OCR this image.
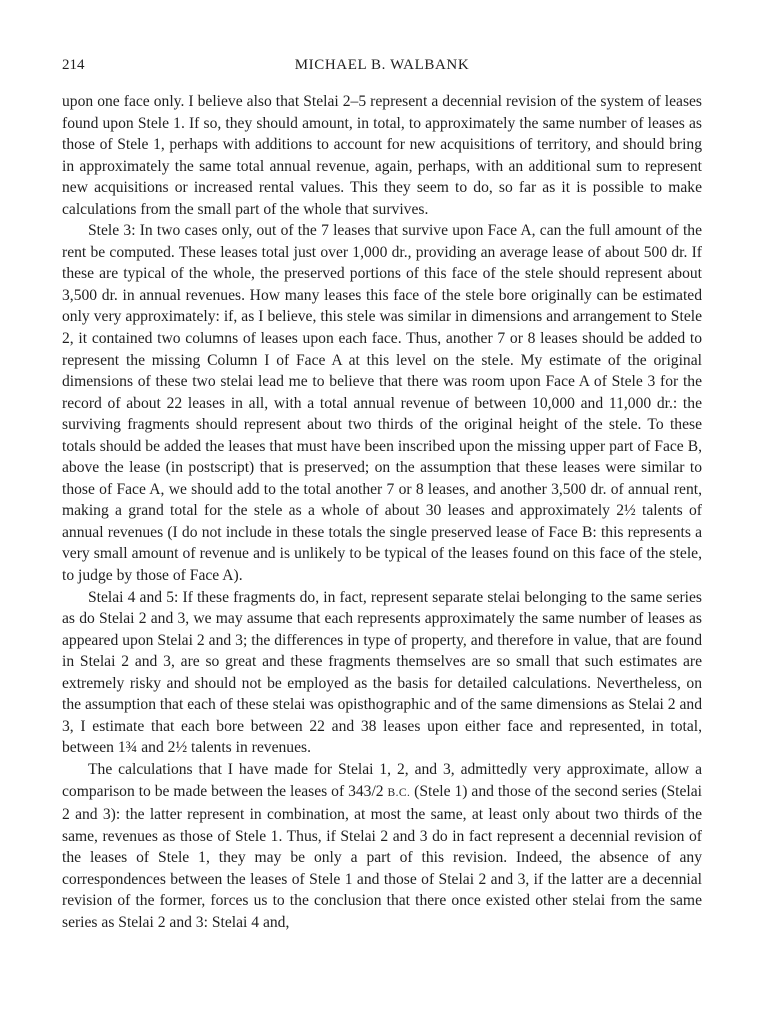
214	MICHAEL B. WALBANK

upon one face only. I believe also that Stelai 2–5 represent a decennial revision of the system of leases found upon Stele 1. If so, they should amount, in total, to approximately the same number of leases as those of Stele 1, perhaps with additions to account for new acquisitions of territory, and should bring in approximately the same total annual revenue, again, perhaps, with an additional sum to represent new acquisitions or increased rental values. This they seem to do, so far as it is possible to make calculations from the small part of the whole that survives.

Stele 3: In two cases only, out of the 7 leases that survive upon Face A, can the full amount of the rent be computed. These leases total just over 1,000 dr., providing an average lease of about 500 dr. If these are typical of the whole, the preserved portions of this face of the stele should represent about 3,500 dr. in annual revenues. How many leases this face of the stele bore originally can be estimated only very approximately: if, as I believe, this stele was similar in dimensions and arrangement to Stele 2, it contained two columns of leases upon each face. Thus, another 7 or 8 leases should be added to represent the missing Column I of Face A at this level on the stele. My estimate of the original dimensions of these two stelai lead me to believe that there was room upon Face A of Stele 3 for the record of about 22 leases in all, with a total annual revenue of between 10,000 and 11,000 dr.: the surviving fragments should represent about two thirds of the original height of the stele. To these totals should be added the leases that must have been inscribed upon the missing upper part of Face B, above the lease (in postscript) that is preserved; on the assumption that these leases were similar to those of Face A, we should add to the total another 7 or 8 leases, and another 3,500 dr. of annual rent, making a grand total for the stele as a whole of about 30 leases and approximately 2½ talents of annual revenues (I do not include in these totals the single preserved lease of Face B: this represents a very small amount of revenue and is unlikely to be typical of the leases found on this face of the stele, to judge by those of Face A).

Stelai 4 and 5: If these fragments do, in fact, represent separate stelai belonging to the same series as do Stelai 2 and 3, we may assume that each represents approximately the same number of leases as appeared upon Stelai 2 and 3; the differences in type of property, and therefore in value, that are found in Stelai 2 and 3, are so great and these fragments themselves are so small that such estimates are extremely risky and should not be employed as the basis for detailed calculations. Nevertheless, on the assumption that each of these stelai was opisthographic and of the same dimensions as Stelai 2 and 3, I estimate that each bore between 22 and 38 leases upon either face and represented, in total, between 1¾ and 2½ talents in revenues.

The calculations that I have made for Stelai 1, 2, and 3, admittedly very approximate, allow a comparison to be made between the leases of 343/2 B.C. (Stele 1) and those of the second series (Stelai 2 and 3): the latter represent in combination, at most the same, at least only about two thirds of the same, revenues as those of Stele 1. Thus, if Stelai 2 and 3 do in fact represent a decennial revision of the leases of Stele 1, they may be only a part of this revision. Indeed, the absence of any correspondences between the leases of Stele 1 and those of Stelai 2 and 3, if the latter are a decennial revision of the former, forces us to the conclusion that there once existed other stelai from the same series as Stelai 2 and 3: Stelai 4 and,
